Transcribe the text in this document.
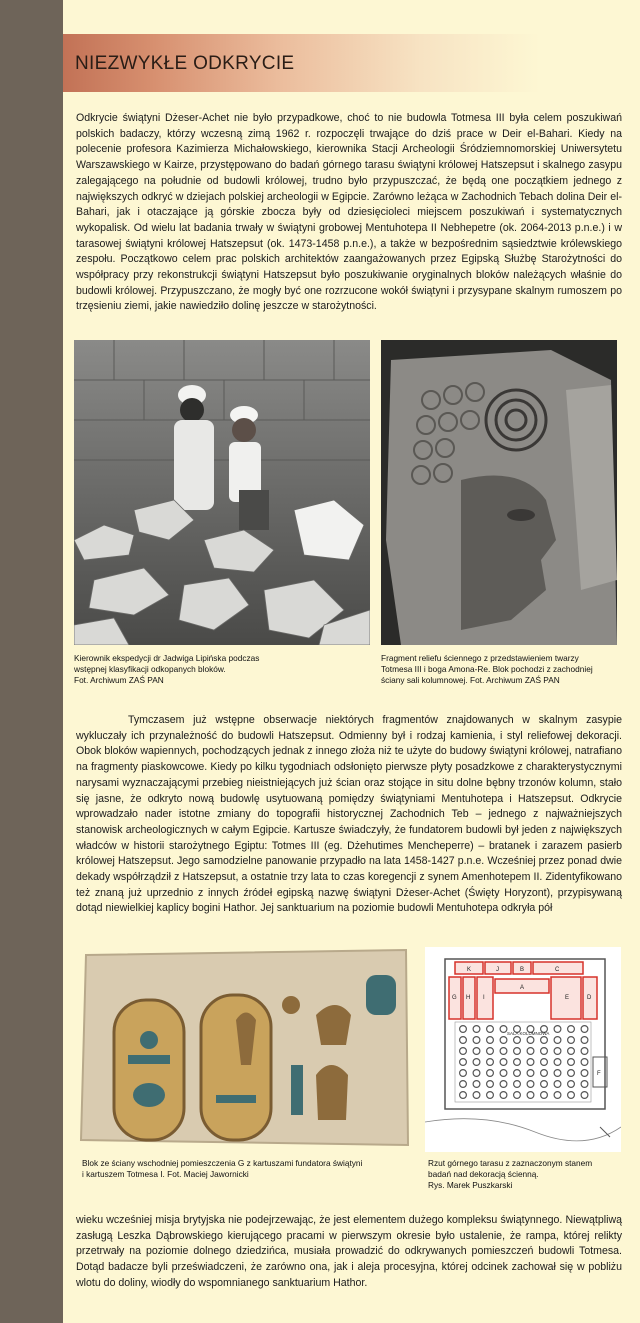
NIEZWYKŁE ODKRYCIE

Odkrycie świątyni Dżeser-Achet nie było przypadkowe, choć to nie budowla Totmesa III była celem poszukiwań polskich badaczy, którzy wczesną zimą 1962 r. rozpoczęli trwające do dziś prace w Deir el-Bahari. Kiedy na polecenie profesora Kazimierza Michałowskiego, kierownika Stacji Archeologii Śródziemnomorskiej Uniwersytetu Warszawskiego w Kairze, przystępowano do badań górnego tarasu świątyni królowej Hatszepsut i skalnego zasypu zalegającego na południe od budowli królowej, trudno było przypuszczać, że będą one początkiem jednego z największych odkryć w dziejach polskiej archeologii w Egipcie. Zarówno leżąca w Zachodnich Tebach dolina Deir el-Bahari, jak i otaczające ją górskie zbocza były od dziesięcioleci miejscem poszukiwań i systematycznych wykopalisk. Od wielu lat badania trwały w świątyni grobowej Mentuhotepa II Nebhepetre (ok. 2064-2013 p.n.e.) i w tarasowej świątyni królowej Hatszepsut (ok. 1473-1458 p.n.e.), a także w bezpośrednim sąsiedztwie królewskiego zespołu. Początkowo celem prac polskich architektów zaangażowanych przez Egipską Służbę Starożytności do współpracy przy rekonstrukcji świątyni Hatszepsut było poszukiwanie oryginalnych bloków należących właśnie do budowli królowej. Przypuszczano, że mogły być one rozrzucone wokół świątyni i przysypane skalnym rumoszem po trzęsieniu ziemi, jakie nawiedziło dolinę jeszcze w starożytności.

Kierownik ekspedycji dr Jadwiga Lipińska podczas
wstępnej klasyfikacji odkopanych bloków.
Fot. Archiwum ZAŚ PAN
Fragment reliefu ściennego z przedstawieniem twarzy
Totmesa III i boga Amona-Re. Blok pochodzi z zachodniej
ściany sali kolumnowej. Fot. Archiwum ZAŚ PAN

Tymczasem już wstępne obserwacje niektórych fragmentów znajdowanych w skalnym zasypie wykluczały ich przynależność do budowli Hatszepsut. Odmienny był i rodzaj kamienia, i styl reliefowej dekoracji. Obok bloków wapiennych, pochodzących jednak z innego złoża niż te użyte do budowy świątyni królowej, natrafiano na fragmenty piaskowcowe. Kiedy po kilku tygodniach odsłonięto pierwsze płyty posadzkowe z charakterystycznymi narysami wyznaczającymi przebieg nieistniejących już ścian oraz stojące in situ dolne bębny trzonów kolumn, stało się jasne, że odkryto nową budowlę usytuowaną pomiędzy świątyniami Mentuhotepa i Hatszepsut. Odkrycie wprowadzało nader istotne zmiany do topografii historycznej Zachodnich Teb – jednego z najważniejszych stanowisk archeologicznych w całym Egipcie. Kartusze świadczyły, że fundatorem budowli był jeden z największych władców w historii starożytnego Egiptu: Totmes III (eg. Dżehutimes Mencheperre) – bratanek i zarazem pasierb królowej Hatszepsut. Jego samodzielne panowanie przypadło na lata 1458-1427 p.n.e. Wcześniej przez ponad dwie dekady współrządził z Hatszepsut, a ostatnie trzy lata to czas koregencji z synem Amenhotepem II. Zidentyfikowano też znaną już uprzednio z innych źródeł egipską nazwę świątyni Dżeser-Achet (Święty Horyzont), przypisywaną dotąd niewielkiej kaplicy bogini Hathor. Jej sanktuarium na poziomie budowli Mentuhotepa odkryła pół

K	J	B	C
G H I
A
E	D
F
SALA KOLUMNOWA
Blok ze ściany wschodniej pomieszczenia G z kartuszami fundatora świątyni
i kartuszem Totmesa I. Fot. Maciej Jawornicki
Rzut górnego tarasu z zaznaczonym stanem
badań nad dekoracją ścienną.
Rys. Marek Puszkarski

wieku wcześniej misja brytyjska nie podejrzewając, że jest elementem dużego kompleksu świątynnego. Niewątpliwą zasługą Leszka Dąbrowskiego kierującego pracami w pierwszym okresie było ustalenie, że rampa, której relikty przetrwały na poziomie dolnego dziedzińca, musiała prowadzić do odkrywanych pomieszczeń budowli Totmesa. Dotąd badacze byli przeświadczeni, że zarówno ona, jak i aleja procesyjna, której odcinek zachował się w pobliżu wlotu do doliny, wiodły do wspomnianego sanktuarium Hathor.
